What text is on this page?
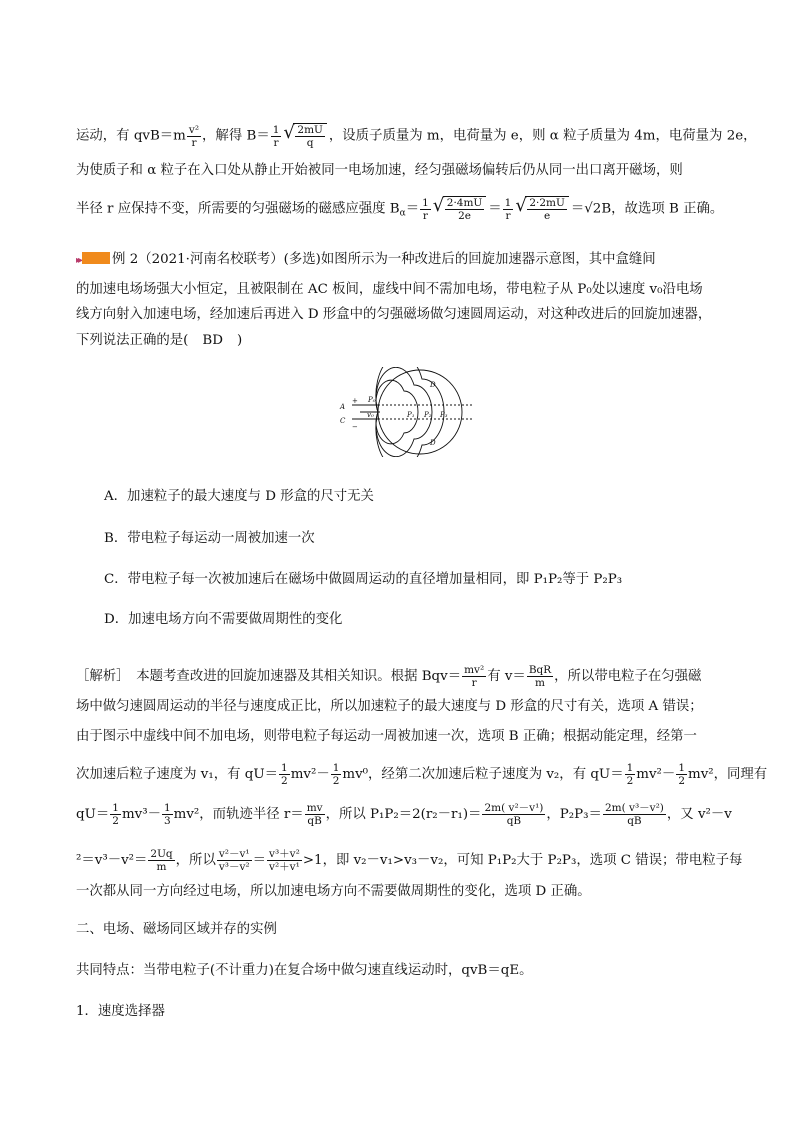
运动，有 $qvB=m \frac{\text{v²}}{r}$ ，解得 $B= \frac{1}{r}$ √ $\frac{2mU}{q}$ ，设质子质量为 m，电荷量为 e，则 α 粒子质量为 4m，电荷量为 2e，
为使质子和 α 粒子在入口处从静止开始被同一电场加速，经匀强磁场偏转后仍从同一出口离开磁场，则
半径 r 应保持不变，所需要的匀强磁场的磁感应强度 $B_\alpha= \frac{1}{r}$ √ $\frac{2\cdot 4mU}{2e} = \frac{1}{r}$ √ $\frac{2\cdot 2mU}{e} =√2B$，故选项 B 正确。
▸▸ 例 2（2021·河南名校联考）(多选)如图所示为一种改进后的回旋加速器示意图，其中盒缝间
的加速电场场强大小恒定，且被限制在 AC 板间，虚线中间不需加电场，带电粒子从 P₀处以速度 v₀沿电场
线方向射入加速电场，经加速后再进入 D 形盒中的匀强磁场做匀速圆周运动，对这种改进后的回旋加速器，
下列说法正确的是( BD )
A
+
C
−
P₀
v₀	P₁ P₂ P₃
D
D
A．加速粒子的最大速度与 D 形盒的尺寸无关
B．带电粒子每运动一周被加速一次
C．带电粒子每一次被加速后在磁场中做圆周运动的直径增加量相同，即 P₁P₂等于 P₂P₃
D．加速电场方向不需要做周期性的变化
［解析］　本题考查改进的回旋加速器及其相关知识。根据 $Bqv= \frac{\text{mv²}}{r}$ 有 $v= \frac{\text{BqR}}{m}$ ，所以带电粒子在匀强磁
场中做匀速圆周运动的半径与速度成正比，所以加速粒子的最大速度与 D 形盒的尺寸有关，选项 A 错误；
由于图示中虚线中间不加电场，则带电粒子每运动一周被加速一次，选项 B 正确；根据动能定理，经第一
次加速后粒子速度为 v₁，有 $qU= \frac{1}{2} mv^2- \frac{1}{2} mv^0$，经第二次加速后粒子速度为 v₂，有 $qU= \frac{1}{2} mv^2- \frac{1}{2} mv^2$，同理有
$qU= \frac{1}{2} mv^3- \frac{1}{3} mv^2$，而轨迹半径 $r= \frac{mv}{qB}$ ，所以 $P_1P_2=2(r_2-r_1)= \frac{\text{2m( v²－v¹)}}{qB}$ ，$P_2P_3= \frac{\text{2m( v³－v²)}}{qB}$ ，又 v²－v
$^2=v^3-v^2= \frac{2Uq}{m}$ ，所以 $\frac{\text{v²－v¹}}{\text{v³－v²}} = \frac{\text{v³＋v²}}{\text{v²＋v¹}} >1$，即 v₂－v₁>v₃－v₂，可知 P₁P₂大于 P₂P₃，选项 C 错误；带电粒子每
一次都从同一方向经过电场，所以加速电场方向不需要做周期性的变化，选项 D 正确。
二、电场、磁场同区域并存的实例
共同特点：当带电粒子(不计重力)在复合场中做匀速直线运动时，qvB＝qE。
1．速度选择器
